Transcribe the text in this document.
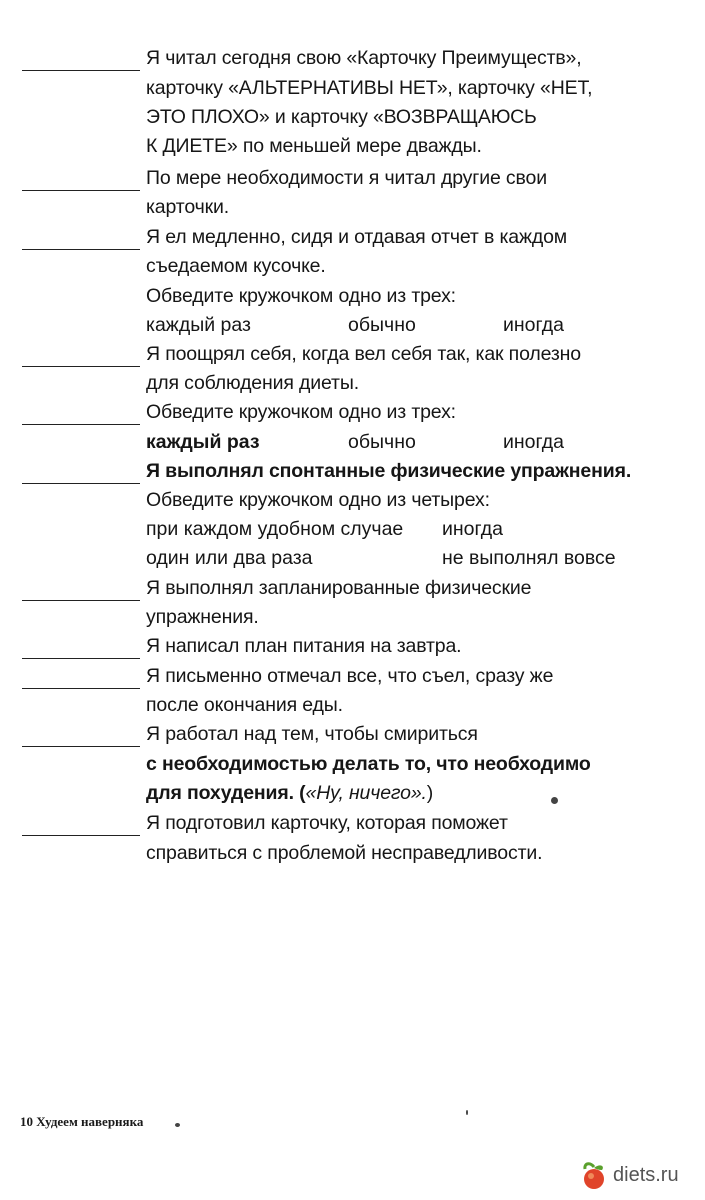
Я читал сегодня свою «Карточку Преимуществ»,
карточку «АЛЬТЕРНАТИВЫ НЕТ», карточку «НЕТ,
ЭТО ПЛОХО» и карточку «ВОЗВРАЩАЮСЬ
К ДИЕТЕ» по меньшей мере дважды.
По мере необходимости я читал другие свои
карточки.
Я ел медленно, сидя и отдавая отчет в каждом
съедаемом кусочке.
Обведите кружочком одно из трех:
каждый раз	обычно	иногда
Я поощрял себя, когда вел себя так, как полезно
для соблюдения диеты.
Обведите кружочком одно из трех:
каждый раз	обычно	иногда
Я выполнял спонтанные физические упражнения.
Обведите кружочком одно из четырех:
при каждом удобном случае иногда
один или два раза	не выполнял вовсе
Я выполнял запланированные физические
упражнения.
Я написал план питания на завтра.
Я письменно отмечал все, что съел, сразу же
после окончания еды.
Я работал над тем, чтобы смириться
с необходимостью делать то, что необходимо
для похудения. («Ну, ничего».)
Я подготовил карточку, которая поможет
справиться с проблемой несправедливости.
10 Худеем наверняка
diets.ru
